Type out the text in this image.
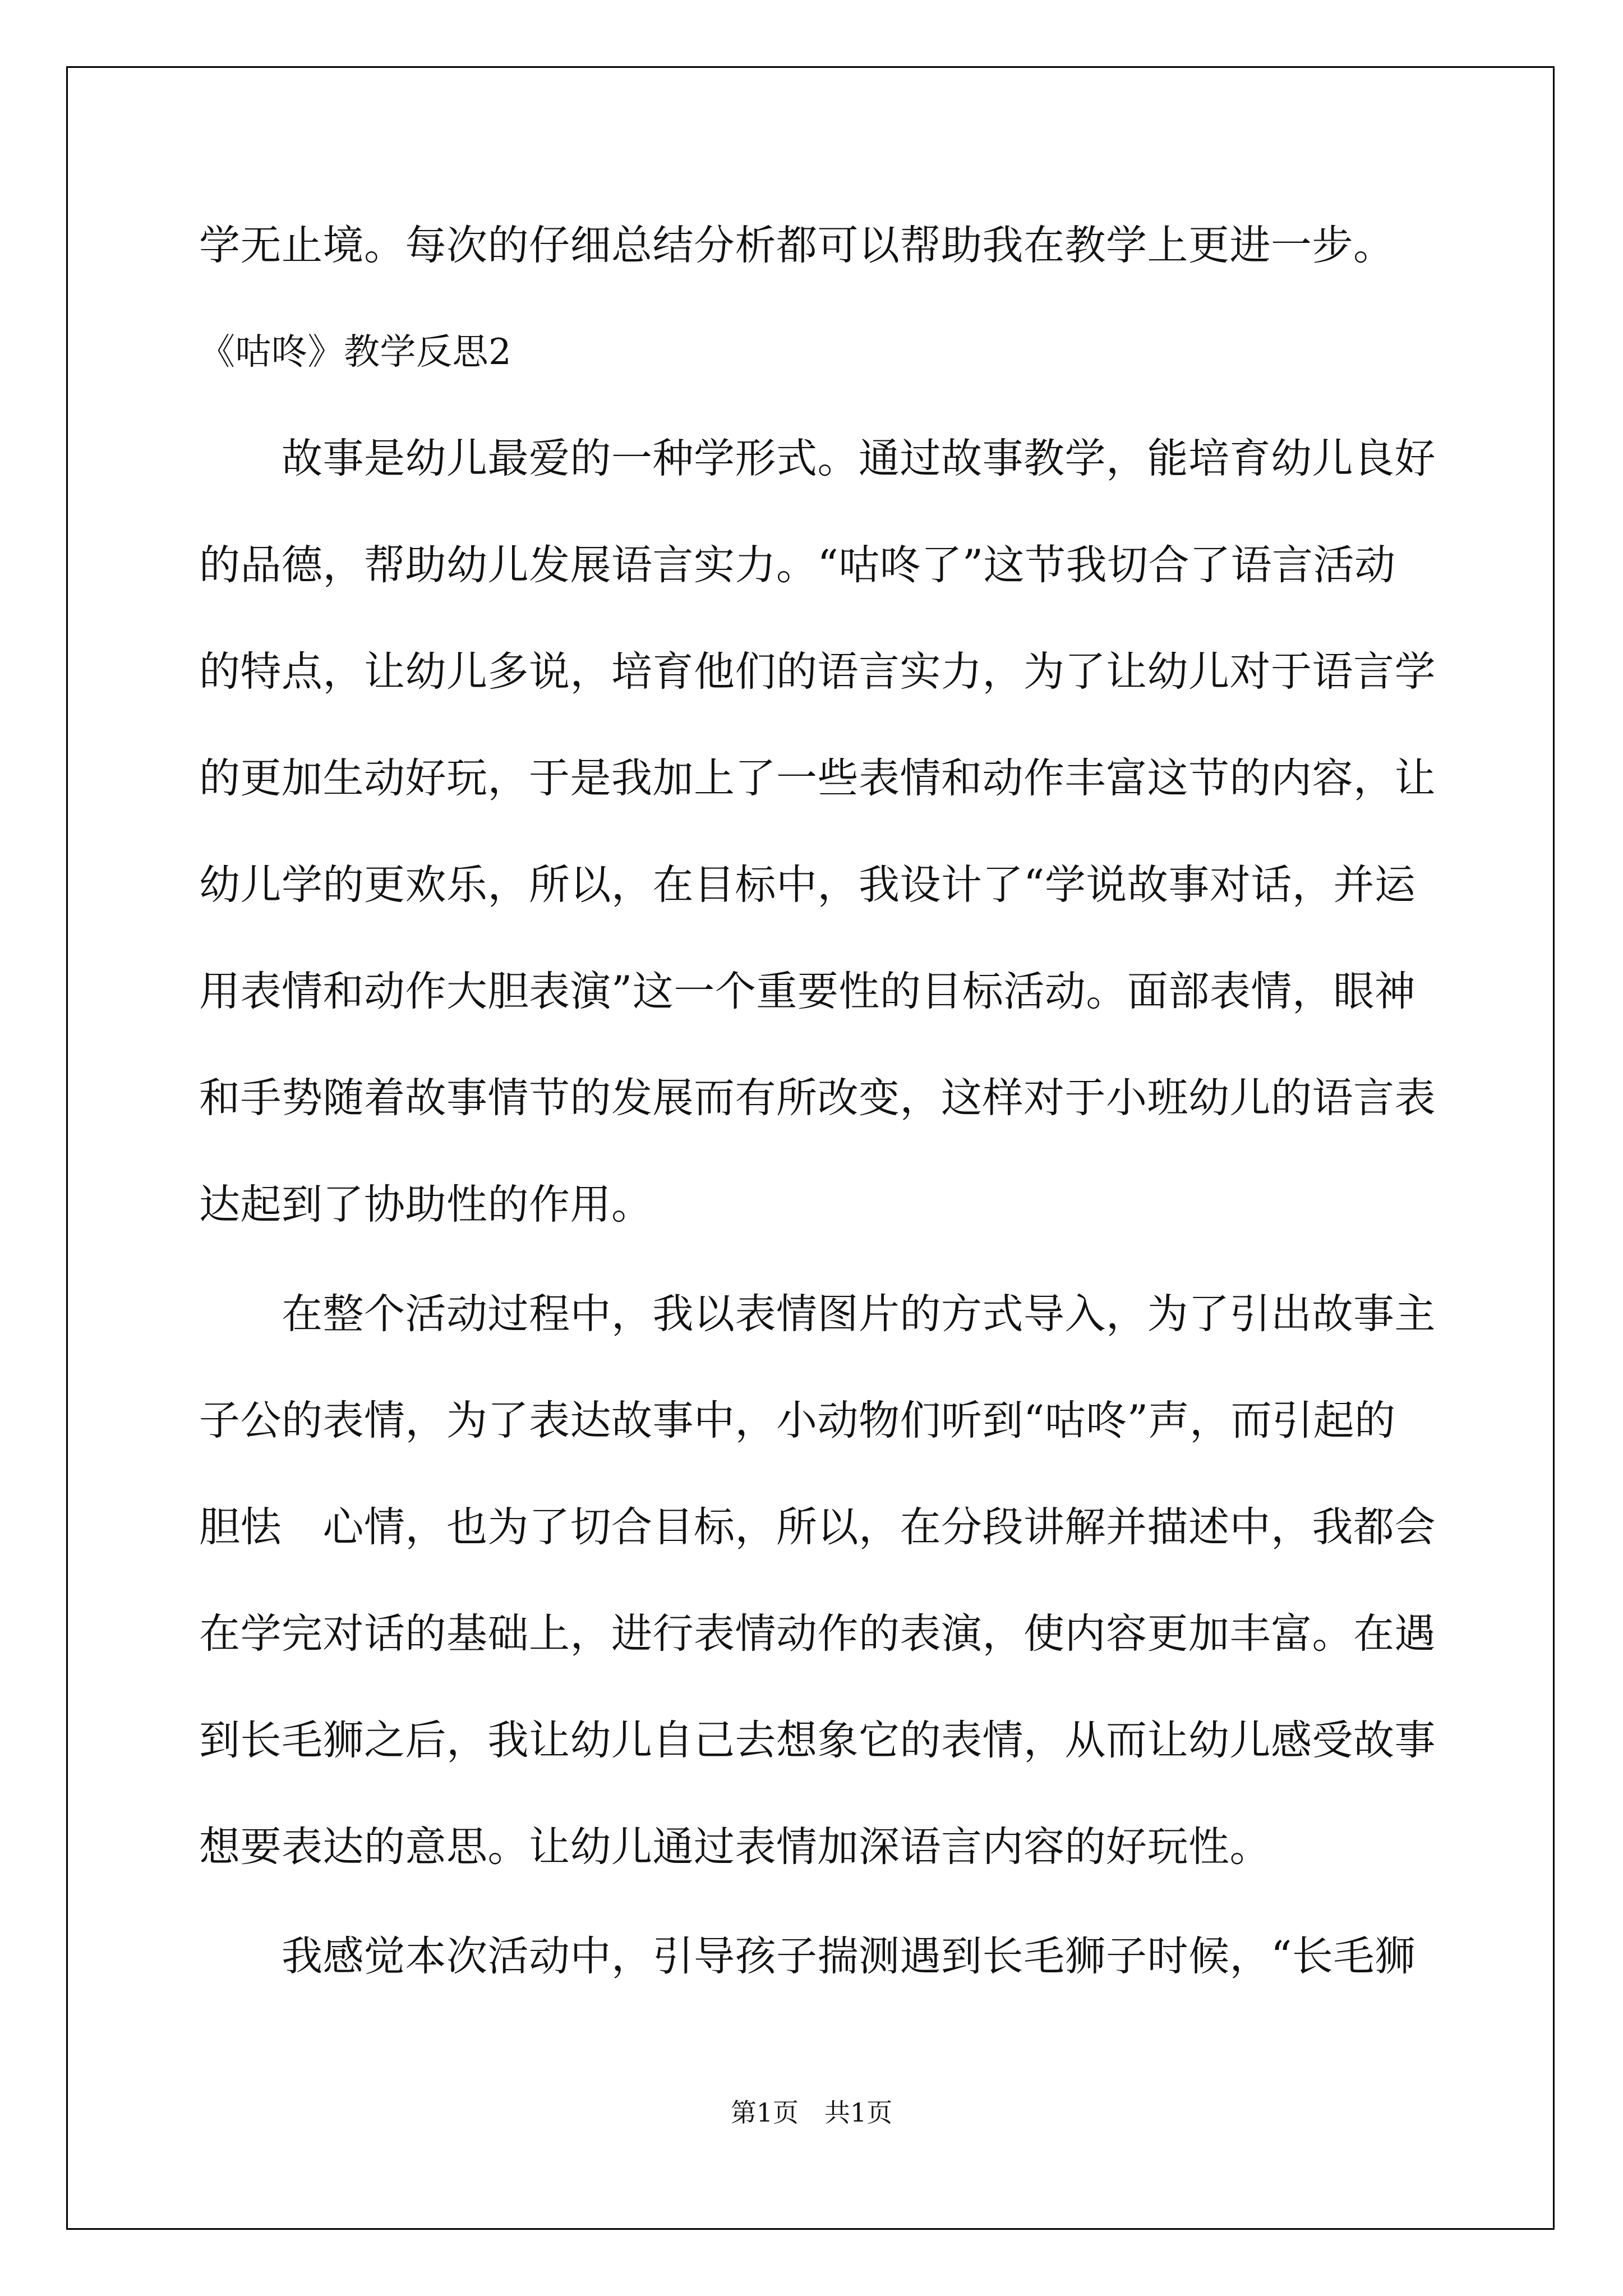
学无止境。每次的仔细总结分析都可以帮助我在教学上更进一步。
《咕咚》教学反思2
　　故事是幼儿最爱的一种学形式。通过故事教学，能培育幼儿良好
的品德，帮助幼儿发展语言实力。“咕咚了”这节我切合了语言活动
的特点，让幼儿多说，培育他们的语言实力，为了让幼儿对于语言学
的更加生动好玩，于是我加上了一些表情和动作丰富这节的内容，让
幼儿学的更欢乐，所以，在目标中，我设计了“学说故事对话，并运
用表情和动作大胆表演”这一个重要性的目标活动。面部表情，眼神
和手势随着故事情节的发展而有所改变，这样对于小班幼儿的语言表
达起到了协助性的作用。
　　在整个活动过程中，我以表情图片的方式导入，为了引出故事主
子公的表情，为了表达故事中，小动物们听到“咕咚”声，而引起的
胆怯　心情，也为了切合目标，所以，在分段讲解并描述中，我都会
在学完对话的基础上，进行表情动作的表演，使内容更加丰富。在遇
到长毛狮之后，我让幼儿自己去想象它的表情，从而让幼儿感受故事
想要表达的意思。让幼儿通过表情加深语言内容的好玩性。
　　我感觉本次活动中，引导孩子揣测遇到长毛狮子时候，“长毛狮
第1页　共1页
